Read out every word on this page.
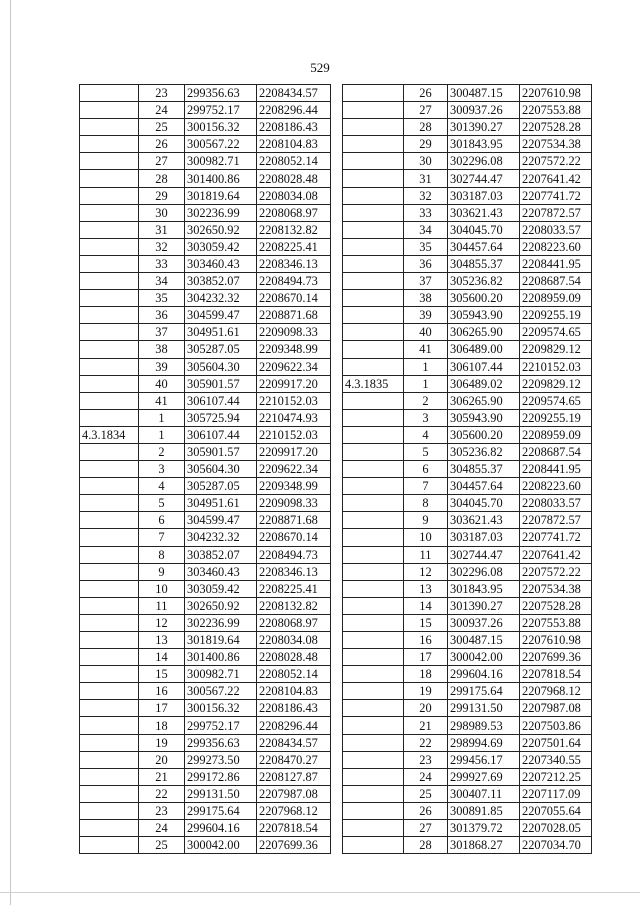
529
	23	299356.63	2208434.57
	24	299752.17	2208296.44
	25	300156.32	2208186.43
	26	300567.22	2208104.83
	27	300982.71	2208052.14
	28	301400.86	2208028.48
	29	301819.64	2208034.08
	30	302236.99	2208068.97
	31	302650.92	2208132.82
	32	303059.42	2208225.41
	33	303460.43	2208346.13
	34	303852.07	2208494.73
	35	304232.32	2208670.14
	36	304599.47	2208871.68
	37	304951.61	2209098.33
	38	305287.05	2209348.99
	39	305604.30	2209622.34
	40	305901.57	2209917.20
	41	306107.44	2210152.03
	1	305725.94	2210474.93
4.3.1834	1	306107.44	2210152.03
	2	305901.57	2209917.20
	3	305604.30	2209622.34
	4	305287.05	2209348.99
	5	304951.61	2209098.33
	6	304599.47	2208871.68
	7	304232.32	2208670.14
	8	303852.07	2208494.73
	9	303460.43	2208346.13
	10	303059.42	2208225.41
	11	302650.92	2208132.82
	12	302236.99	2208068.97
	13	301819.64	2208034.08
	14	301400.86	2208028.48
	15	300982.71	2208052.14
	16	300567.22	2208104.83
	17	300156.32	2208186.43
	18	299752.17	2208296.44
	19	299356.63	2208434.57
	20	299273.50	2208470.27
	21	299172.86	2208127.87
	22	299131.50	2207987.08
	23	299175.64	2207968.12
	24	299604.16	2207818.54
	25	300042.00	2207699.36
	26	300487.15	2207610.98
	27	300937.26	2207553.88
	28	301390.27	2207528.28
	29	301843.95	2207534.38
	30	302296.08	2207572.22
	31	302744.47	2207641.42
	32	303187.03	2207741.72
	33	303621.43	2207872.57
	34	304045.70	2208033.57
	35	304457.64	2208223.60
	36	304855.37	2208441.95
	37	305236.82	2208687.54
	38	305600.20	2208959.09
	39	305943.90	2209255.19
	40	306265.90	2209574.65
	41	306489.00	2209829.12
	1	306107.44	2210152.03
4.3.1835	1	306489.02	2209829.12
	2	306265.90	2209574.65
	3	305943.90	2209255.19
	4	305600.20	2208959.09
	5	305236.82	2208687.54
	6	304855.37	2208441.95
	7	304457.64	2208223.60
	8	304045.70	2208033.57
	9	303621.43	2207872.57
	10	303187.03	2207741.72
	11	302744.47	2207641.42
	12	302296.08	2207572.22
	13	301843.95	2207534.38
	14	301390.27	2207528.28
	15	300937.26	2207553.88
	16	300487.15	2207610.98
	17	300042.00	2207699.36
	18	299604.16	2207818.54
	19	299175.64	2207968.12
	20	299131.50	2207987.08
	21	298989.53	2207503.86
	22	298994.69	2207501.64
	23	299456.17	2207340.55
	24	299927.69	2207212.25
	25	300407.11	2207117.09
	26	300891.85	2207055.64
	27	301379.72	2207028.05
	28	301868.27	2207034.70
